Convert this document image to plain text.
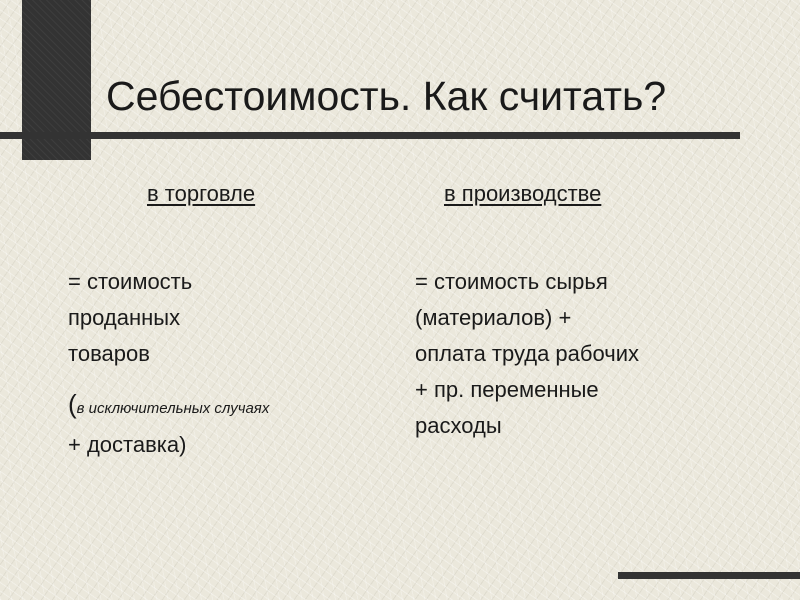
Себестоимость. Как считать?
в торговле	в производстве

= стоимость
проданных
товаров

(в исключительных случаях
+ доставка)

= стоимость сырья
(материалов) +
оплата труда рабочих
+ пр. переменные
расходы
